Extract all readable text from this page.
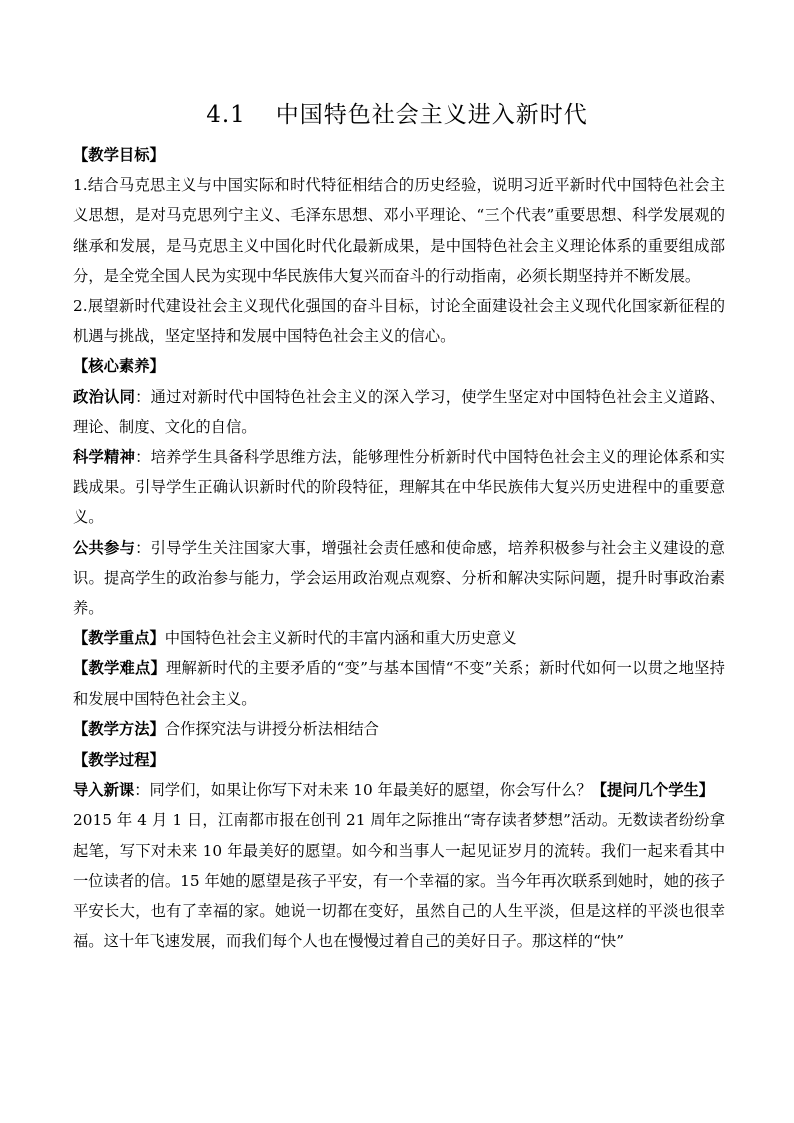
4.1 中国特色社会主义进入新时代

【教学目标】

1.结合马克思主义与中国实际和时代特征相结合的历史经验，说明习近平新时代中国特色社会主义思想，是对马克思列宁主义、毛泽东思想、邓小平理论、“三个代表”重要思想、科学发展观的继承和发展，是马克思主义中国化时代化最新成果，是中国特色社会主义理论体系的重要组成部分，是全党全国人民为实现中华民族伟大复兴而奋斗的行动指南，必须长期坚持并不断发展。

2.展望新时代建设社会主义现代化强国的奋斗目标，讨论全面建设社会主义现代化国家新征程的机遇与挑战，坚定坚持和发展中国特色社会主义的信心。

【核心素养】

政治认同：通过对新时代中国特色社会主义的深入学习，使学生坚定对中国特色社会主义道路、理论、制度、文化的自信。

科学精神：培养学生具备科学思维方法，能够理性分析新时代中国特色社会主义的理论体系和实践成果。引导学生正确认识新时代的阶段特征，理解其在中华民族伟大复兴历史进程中的重要意义。

公共参与：引导学生关注国家大事，增强社会责任感和使命感，培养积极参与社会主义建设的意识。提高学生的政治参与能力，学会运用政治观点观察、分析和解决实际问题，提升时事政治素养。

【教学重点】中国特色社会主义新时代的丰富内涵和重大历史意义

【教学难点】理解新时代的主要矛盾的“变”与基本国情“不变”关系；新时代如何一以贯之地坚持和发展中国特色社会主义。

【教学方法】合作探究法与讲授分析法相结合

【教学过程】

导入新课：同学们，如果让你写下对未来 10 年最美好的愿望，你会写什么？【提问几个学生】

2015 年 4 月 1 日，江南都市报在创刊 21 周年之际推出“寄存读者梦想”活动。无数读者纷纷拿起笔，写下对未来 10 年最美好的愿望。如今和当事人一起见证岁月的流转。我们一起来看其中一位读者的信。15 年她的愿望是孩子平安，有一个幸福的家。当今年再次联系到她时，她的孩子平安长大，也有了幸福的家。她说一切都在变好，虽然自己的人生平淡，但是这样的平淡也很幸福。这十年飞速发展，而我们每个人也在慢慢过着自己的美好日子。那这样的“快”
